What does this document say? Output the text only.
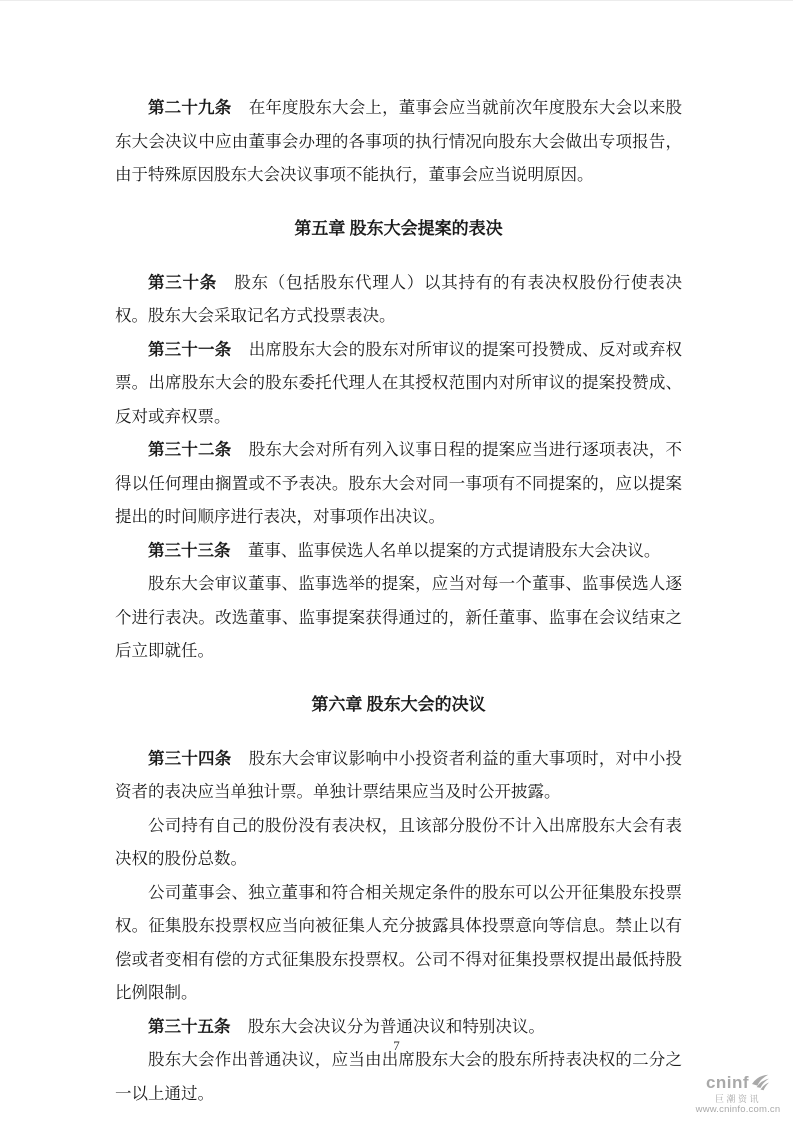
第二十九条 在年度股东大会上，董事会应当就前次年度股东大会以来股东大会决议中应由董事会办理的各事项的执行情况向股东大会做出专项报告，由于特殊原因股东大会决议事项不能执行，董事会应当说明原因。

第五章 股东大会提案的表决

第三十条 股东（包括股东代理人）以其持有的有表决权股份行使表决权。股东大会采取记名方式投票表决。

第三十一条 出席股东大会的股东对所审议的提案可投赞成、反对或弃权票。出席股东大会的股东委托代理人在其授权范围内对所审议的提案投赞成、反对或弃权票。

第三十二条 股东大会对所有列入议事日程的提案应当进行逐项表决，不得以任何理由搁置或不予表决。股东大会对同一事项有不同提案的，应以提案提出的时间顺序进行表决，对事项作出决议。

第三十三条 董事、监事侯选人名单以提案的方式提请股东大会决议。

股东大会审议董事、监事选举的提案，应当对每一个董事、监事侯选人逐个进行表决。改选董事、监事提案获得通过的，新任董事、监事在会议结束之后立即就任。

第六章 股东大会的决议

第三十四条 股东大会审议影响中小投资者利益的重大事项时，对中小投资者的表决应当单独计票。单独计票结果应当及时公开披露。

公司持有自己的股份没有表决权，且该部分股份不计入出席股东大会有表决权的股份总数。

公司董事会、独立董事和符合相关规定条件的股东可以公开征集股东投票权。征集股东投票权应当向被征集人充分披露具体投票意向等信息。禁止以有偿或者变相有偿的方式征集股东投票权。公司不得对征集投票权提出最低持股比例限制。

第三十五条 股东大会决议分为普通决议和特别决议。

股东大会作出普通决议，应当由出席股东大会的股东所持表决权的二分之一以上通过。

7
cninf
巨潮资讯
www.cninfo.com.cn
